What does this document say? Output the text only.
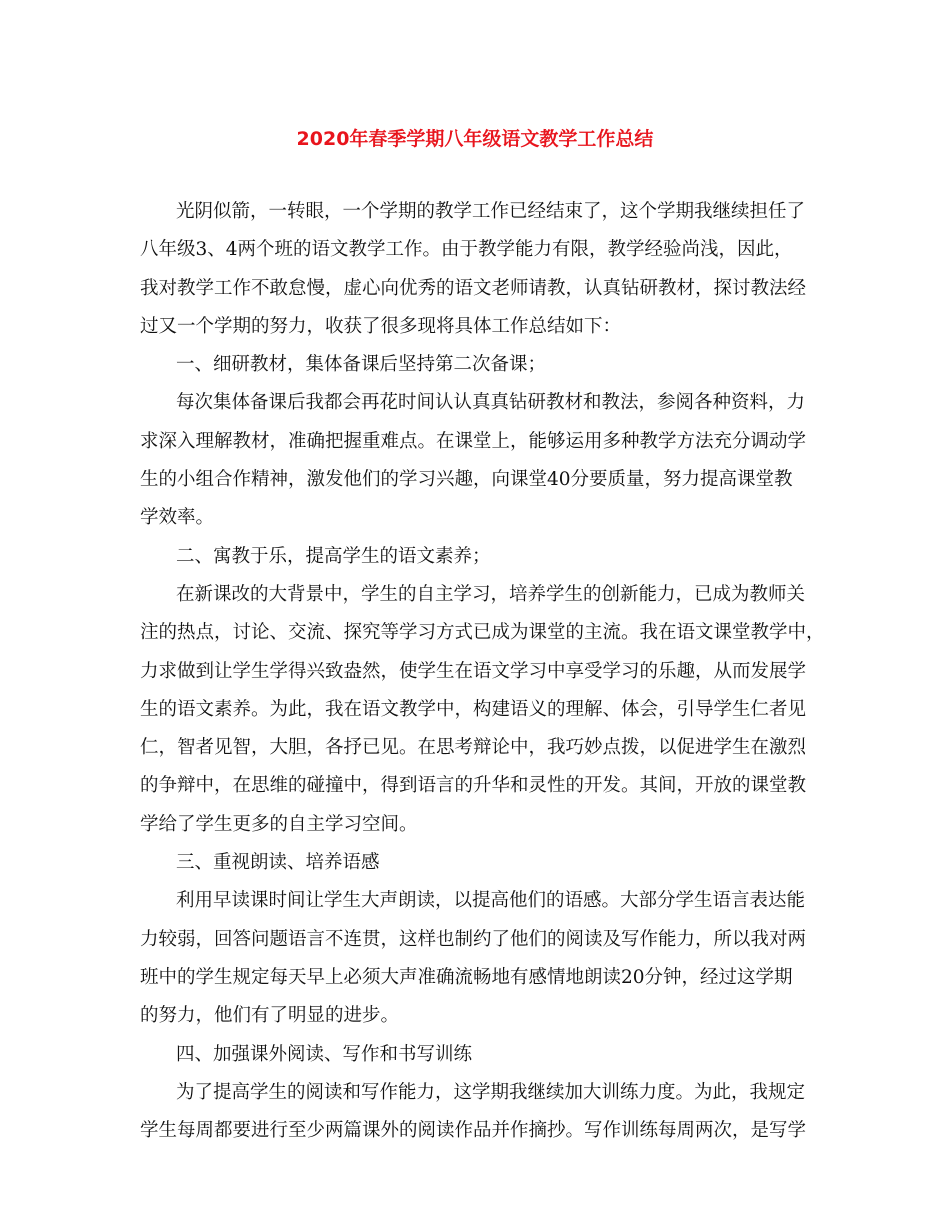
2020年春季学期八年级语文教学工作总结

光阴似箭，一转眼，一个学期的教学工作已经结束了，这个学期我继续担任了

八年级3、4两个班的语文教学工作。由于教学能力有限，教学经验尚浅，因此，

我对教学工作不敢怠慢，虚心向优秀的语文老师请教，认真钻研教材，探讨教法经

过又一个学期的努力，收获了很多现将具体工作总结如下：

一、细研教材，集体备课后坚持第二次备课；

每次集体备课后我都会再花时间认认真真钻研教材和教法，参阅各种资料，力

求深入理解教材，准确把握重难点。在课堂上，能够运用多种教学方法充分调动学

生的小组合作精神，激发他们的学习兴趣，向课堂40分要质量，努力提高课堂教

学效率。

二、寓教于乐，提高学生的语文素养；

在新课改的大背景中，学生的自主学习，培养学生的创新能力，已成为教师关

注的热点，讨论、交流、探究等学习方式已成为课堂的主流。我在语文课堂教学中，

力求做到让学生学得兴致盎然，使学生在语文学习中享受学习的乐趣，从而发展学

生的语文素养。为此，我在语文教学中，构建语义的理解、体会，引导学生仁者见

仁，智者见智，大胆，各抒已见。在思考辩论中，我巧妙点拨，以促进学生在激烈

的争辩中，在思维的碰撞中，得到语言的升华和灵性的开发。其间，开放的课堂教

学给了学生更多的自主学习空间。

三、重视朗读、培养语感

利用早读课时间让学生大声朗读，以提高他们的语感。大部分学生语言表达能

力较弱，回答问题语言不连贯，这样也制约了他们的阅读及写作能力，所以我对两

班中的学生规定每天早上必须大声准确流畅地有感情地朗读20分钟，经过这学期

的努力，他们有了明显的进步。

四、加强课外阅读、写作和书写训练

为了提高学生的阅读和写作能力，这学期我继续加大训练力度。为此，我规定

学生每周都要进行至少两篇课外的阅读作品并作摘抄。写作训练每周两次，是写学
